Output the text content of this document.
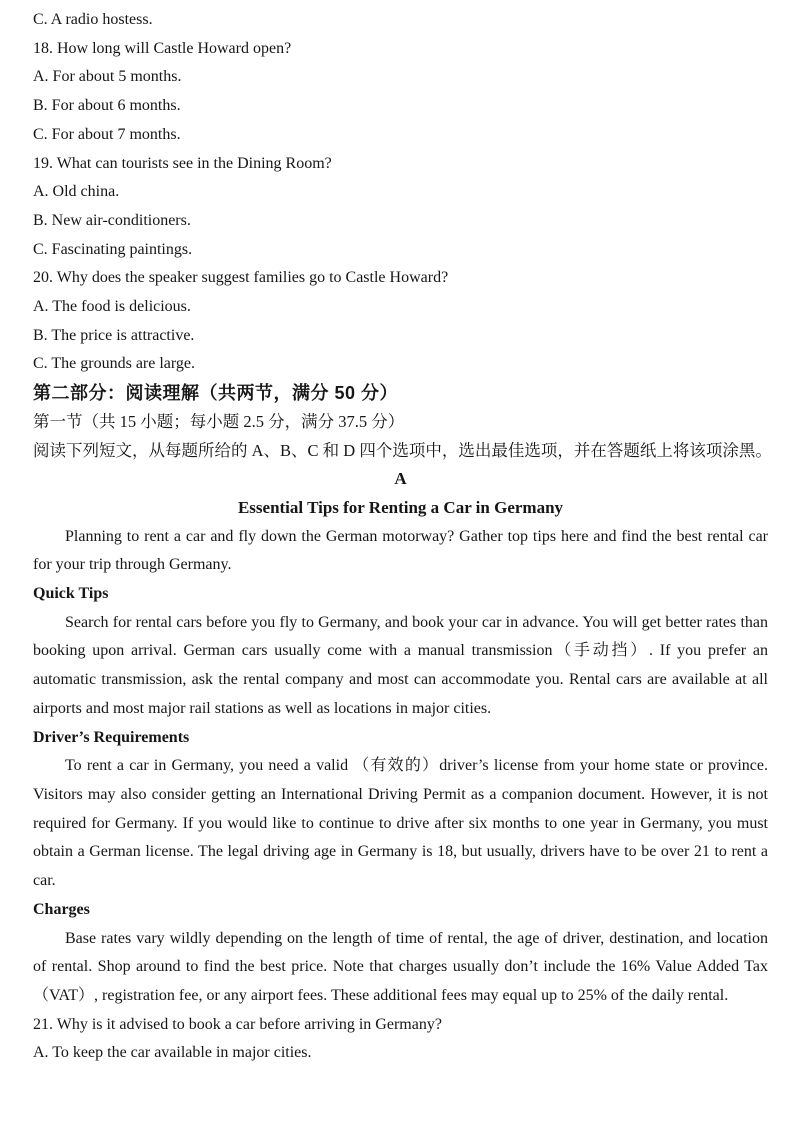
C. A radio hostess.

18. How long will Castle Howard open?

A. For about 5 months.

B. For about 6 months.

C. For about 7 months.

19. What can tourists see in the Dining Room?

A. Old china.

B. New air-conditioners.

C. Fascinating paintings.

20. Why does the speaker suggest families go to Castle Howard?

A. The food is delicious.

B. The price is attractive.

C. The grounds are large.

第二部分：阅读理解（共两节，满分 50 分）

第一节（共 15 小题；每小题 2.5 分，满分 37.5 分）

阅读下列短文，从每题所给的 A、B、C 和 D 四个选项中，选出最佳选项，并在答题纸上将该项涂黑。

A

Essential Tips for Renting a Car in Germany

Planning to rent a car and fly down the German motorway? Gather top tips here and find the best rental car for your trip through Germany.

Quick Tips

Search for rental cars before you fly to Germany, and book your car in advance. You will get better rates than booking upon arrival. German cars usually come with a manual transmission（手动挡）. If you prefer an automatic transmission, ask the rental company and most can accommodate you. Rental cars are available at all airports and most major rail stations as well as locations in major cities.

Driver’s Requirements

To rent a car in Germany, you need a valid （有效的）driver’s license from your home state or province. Visitors may also consider getting an International Driving Permit as a companion document. However, it is not required for Germany. If you would like to continue to drive after six months to one year in Germany, you must obtain a German license. The legal driving age in Germany is 18, but usually, drivers have to be over 21 to rent a car.

Charges

Base rates vary wildly depending on the length of time of rental, the age of driver, destination, and location of rental. Shop around to find the best price. Note that charges usually don’t include the 16% Value Added Tax（VAT）, registration fee, or any airport fees. These additional fees may equal up to 25% of the daily rental.

21. Why is it advised to book a car before arriving in Germany?

A. To keep the car available in major cities.
